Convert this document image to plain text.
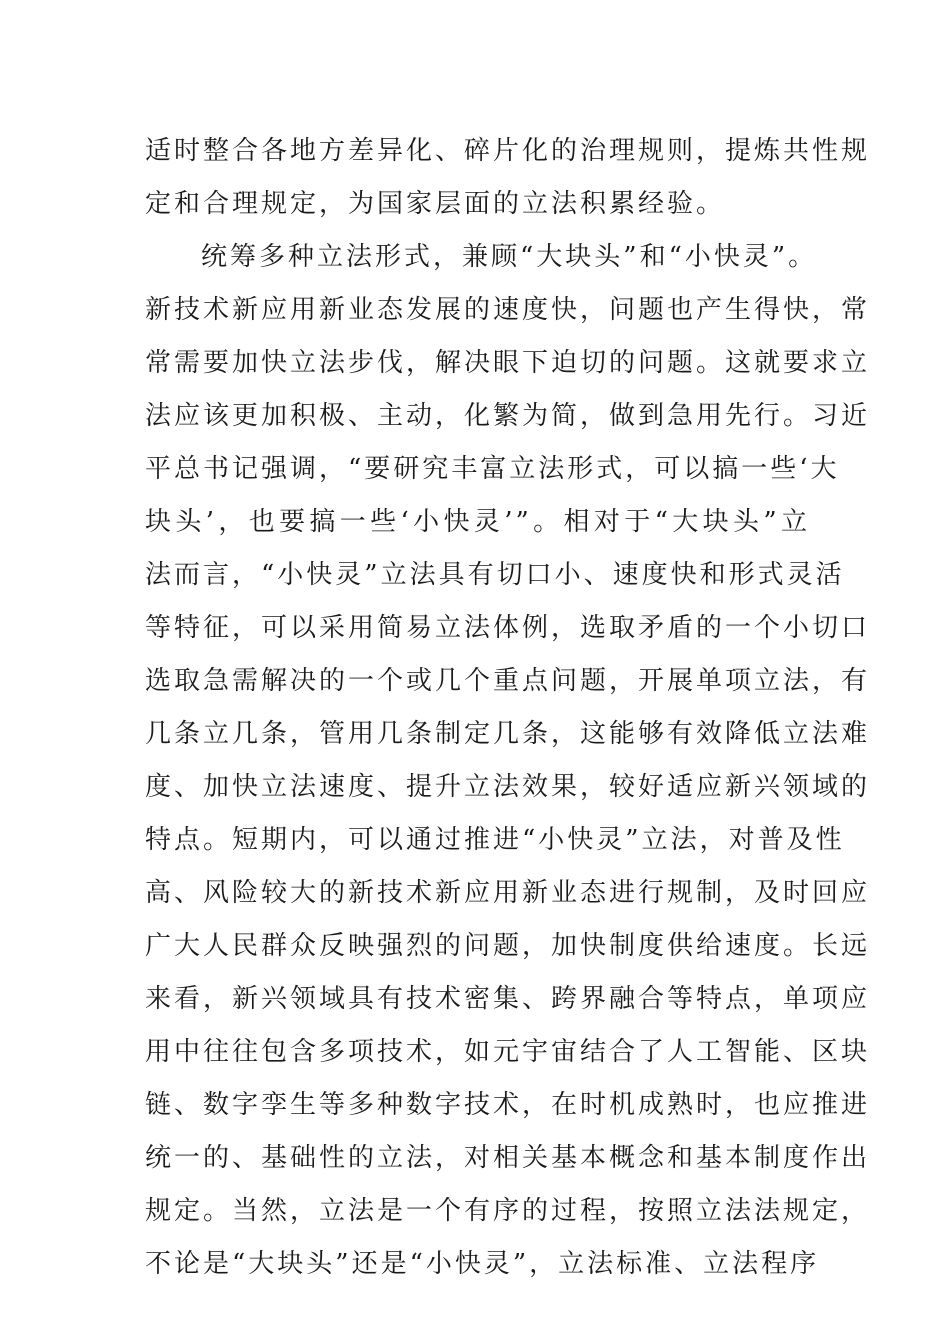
适时整合各地方差异化、碎片化的治理规则，提炼共性规
定和合理规定，为国家层面的立法积累经验。
统筹多种立法形式，兼顾“大块头”和“小快灵”。
新技术新应用新业态发展的速度快，问题也产生得快，常
常需要加快立法步伐，解决眼下迫切的问题。这就要求立
法应该更加积极、主动，化繁为简，做到急用先行。习近
平总书记强调，“要研究丰富立法形式，可以搞一些‘大
块头’，也要搞一些‘小快灵’”。相对于“大块头”立
法而言，“小快灵”立法具有切口小、速度快和形式灵活
等特征，可以采用简易立法体例，选取矛盾的一个小切口
选取急需解决的一个或几个重点问题，开展单项立法，有
几条立几条，管用几条制定几条，这能够有效降低立法难
度、加快立法速度、提升立法效果，较好适应新兴领域的
特点。短期内，可以通过推进“小快灵”立法，对普及性
高、风险较大的新技术新应用新业态进行规制，及时回应
广大人民群众反映强烈的问题，加快制度供给速度。长远
来看，新兴领域具有技术密集、跨界融合等特点，单项应
用中往往包含多项技术，如元宇宙结合了人工智能、区块
链、数字孪生等多种数字技术，在时机成熟时，也应推进
统一的、基础性的立法，对相关基本概念和基本制度作出
规定。当然，立法是一个有序的过程，按照立法法规定，
不论是“大块头”还是“小快灵”，立法标准、立法程序
